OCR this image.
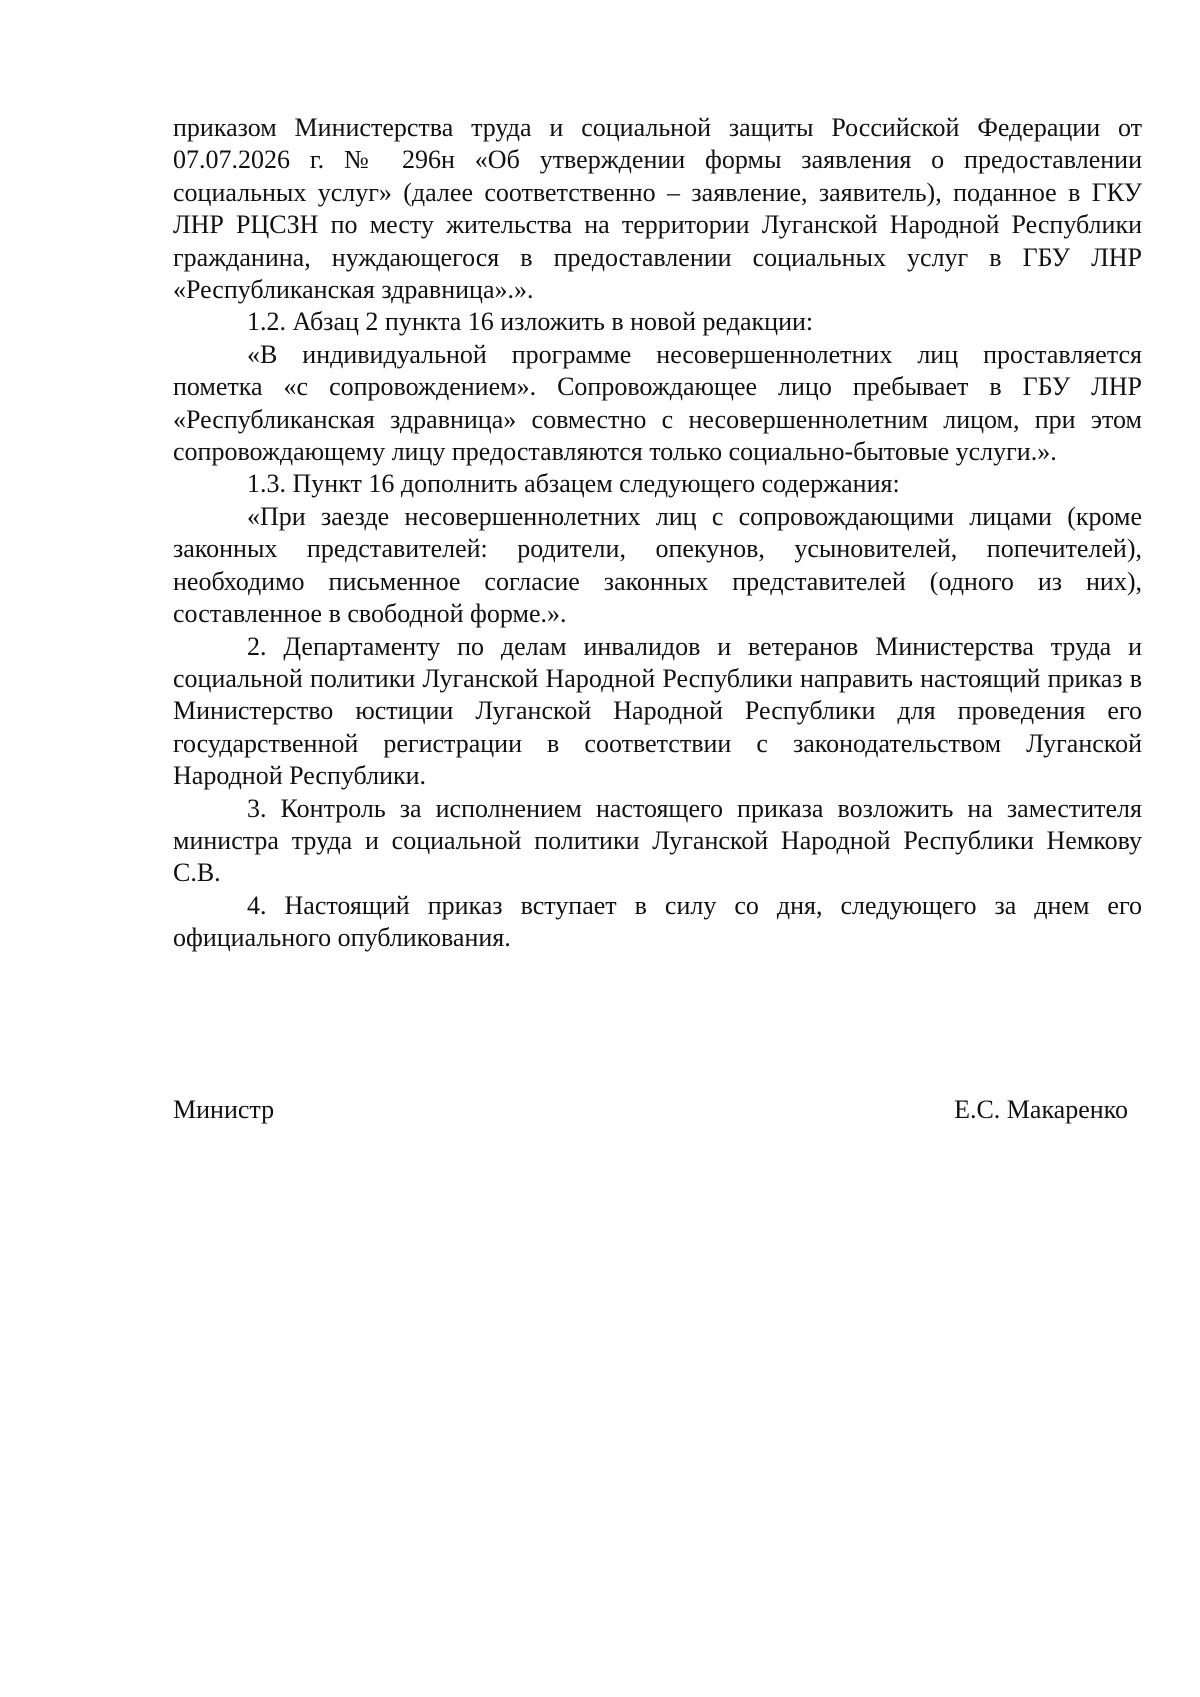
приказом Министерства труда и социальной защиты Российской Федерации от 07.07.2026 г. № 296н «Об утверждении формы заявления о предоставлении социальных услуг» (далее соответственно – заявление, заявитель), поданное в ГКУ ЛНР РЦСЗН по месту жительства на территории Луганской Народной Республики гражданина, нуждающегося в предоставлении социальных услуг в ГБУ ЛНР «Республиканская здравница».».

1.2. Абзац 2 пункта 16 изложить в новой редакции:

«В индивидуальной программе несовершеннолетних лиц проставляется пометка «с сопровождением». Сопровождающее лицо пребывает в ГБУ ЛНР «Республиканская здравница» совместно с несовершеннолетним лицом, при этом сопровождающему лицу предоставляются только социально-бытовые услуги.».

1.3. Пункт 16 дополнить абзацем следующего содержания:

«При заезде несовершеннолетних лиц с сопровождающими лицами (кроме законных представителей: родители, опекунов, усыновителей, попечителей), необходимо письменное согласие законных представителей (одного из них), составленное в свободной форме.».

2. Департаменту по делам инвалидов и ветеранов Министерства труда и социальной политики Луганской Народной Республики направить настоящий приказ в Министерство юстиции Луганской Народной Республики для проведения его государственной регистрации в соответствии с законодательством Луганской Народной Республики.

3. Контроль за исполнением настоящего приказа возложить на заместителя министра труда и социальной политики Луганской Народной Республики Немкову С.В.

4. Настоящий приказ вступает в силу со дня, следующего за днем его официального опубликования.

Министр	Е.С. Макаренко
